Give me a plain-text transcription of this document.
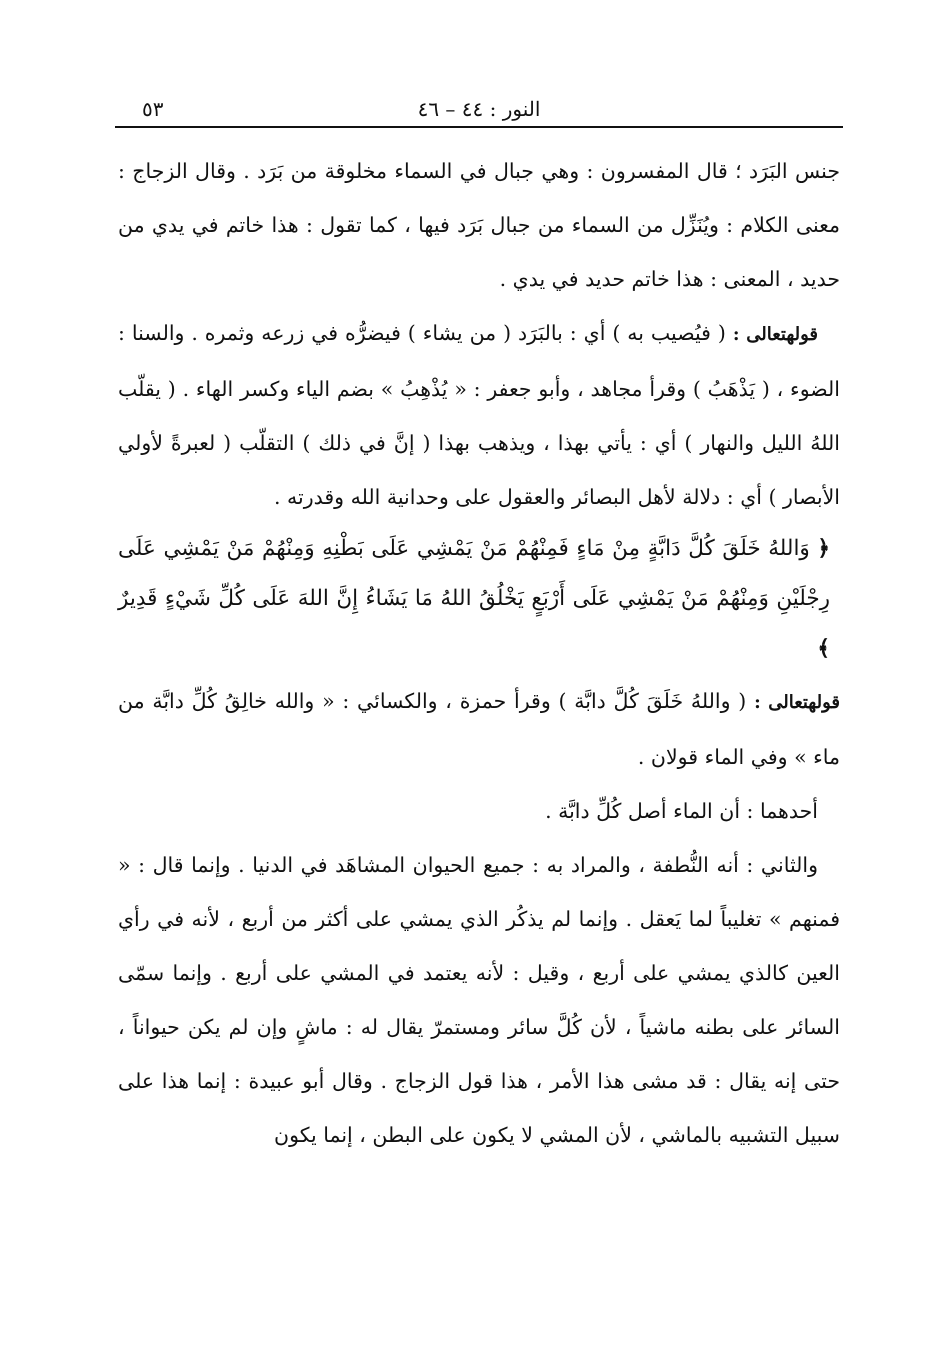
النور : ٤٤ – ٤٦
٥٣

جنس البَرَد ؛ قال المفسرون : وهي جبال في السماء مخلوقة من بَرَد . وقال الزجاج : معنى الكلام : ويُنَزِّل من السماء من جبال بَرَد فيها ، كما تقول : هذا خاتم في يدي من حديد ، المعنى : هذا خاتم حديد في يدي .

قولهتعالى : ( فيُصيب به ) أي : بالبَرَد ( من يشاء ) فيضرُّه في زرعه وثمره . والسنا : الضوء ، ( يَذْهَبُ ) وقرأ مجاهد ، وأبو جعفر : « يُذْهِبُ » بضم الياء وكسر الهاء . ( يقلّب اللهُ الليل والنهار ) أي : يأتي بهذا ، ويذهب بهذا ( إنَّ في ذلك ) التقلّب ( لعبرةً لأولي الأبصار ) أي : دلالة لأهل البصائر والعقول على وحدانية الله وقدرته .

﴿ وَاللهُ خَلَقَ كُلَّ دَابَّةٍ مِنْ مَاءٍ فَمِنْهُمْ مَنْ يَمْشِي عَلَى بَطْنِهِ وَمِنْهُمْ مَنْ يَمْشِي عَلَى رِجْلَيْنِ وَمِنْهُمْ مَنْ يَمْشِي عَلَى أَرْبَعٍ يَخْلُقُ اللهُ مَا يَشَاءُ إِنَّ اللهَ عَلَى كُلِّ شَيْءٍ قَدِيرٌ ﴾

قولهتعالى : ( واللهُ خَلَقَ كُلَّ دابَّة ) وقرأ حمزة ، والكسائي : « والله خالِقُ كُلِّ دابَّة من ماء » وفي الماء قولان .

أحدهما : أن الماء أصل كُلِّ دابَّة .

والثاني : أنه النُّطفة ، والمراد به : جميع الحيوان المشاهَد في الدنيا . وإنما قال : « فمنهم » تغليباً لما يَعقل . وإنما لم يذكُر الذي يمشي على أكثر من أربع ، لأنه في رأي العين كالذي يمشي على أربع ، وقيل : لأنه يعتمد في المشي على أربع . وإنما سمّى السائر على بطنه ماشياً ، لأن كُلَّ سائر ومستمرّ يقال له : ماشٍ وإن لم يكن حيواناً ، حتى إنه يقال : قد مشى هذا الأمر ، هذا قول الزجاج . وقال أبو عبيدة : إنما هذا على سبيل التشبيه بالماشي ، لأن المشي لا يكون على البطن ، إنما يكون
